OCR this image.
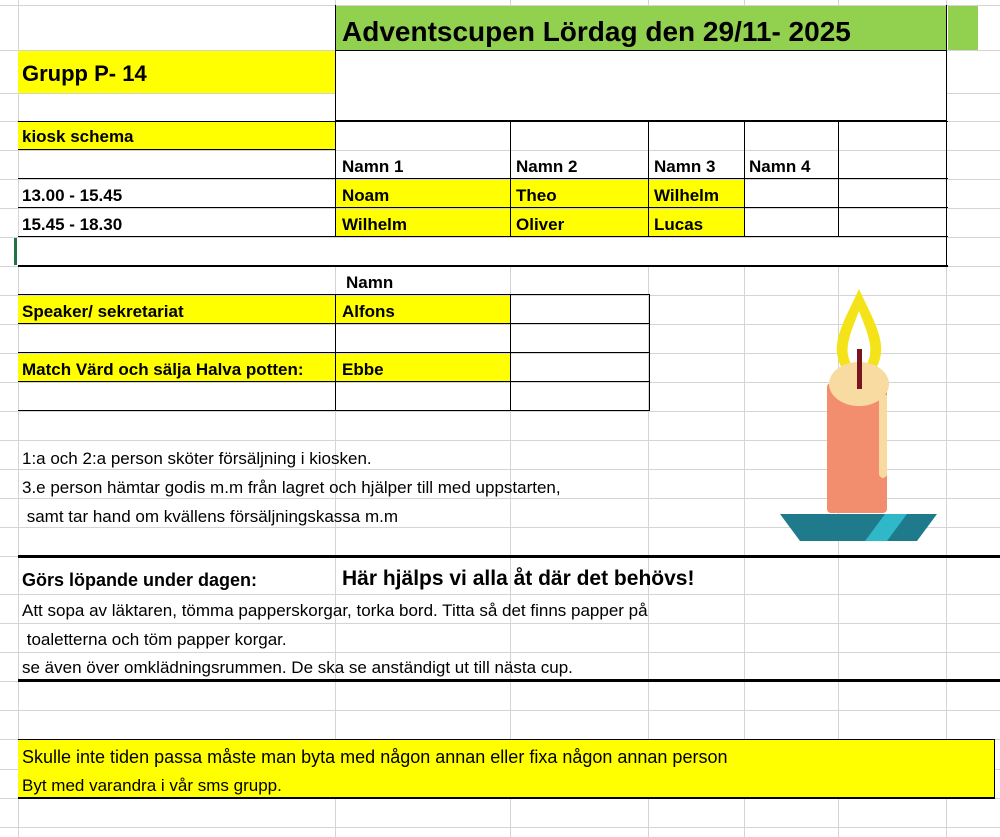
Adventscupen Lördag den 29/11- 2025
Grupp P- 14
kiosk schema
Namn 1	Namn 2	Namn 3 Namn 4
13.00 - 15.45	Noam	Theo	Wilhelm
15.45 - 18.30	Wilhelm	Oliver	Lucas
Namn
Speaker/ sekretariat	Alfons
Match Värd och sälja Halva potten: Ebbe
1:a och 2:a person sköter försäljning i kiosken.
3.e person hämtar godis m.m från lagret och hjälper till med uppstarten,
samt tar hand om kvällens försäljningskassa m.m
Görs löpande under dagen:	Här hjälps vi alla åt där det behövs!
Att sopa av läktaren, tömma papperskorgar, torka bord. Titta så det finns papper på
toaletterna och töm papper korgar.
se även över omklädningsrummen. De ska se anständigt ut till nästa cup.
Skulle inte tiden passa måste man byta med någon annan eller fixa någon annan person
Byt med varandra i vår sms grupp.
